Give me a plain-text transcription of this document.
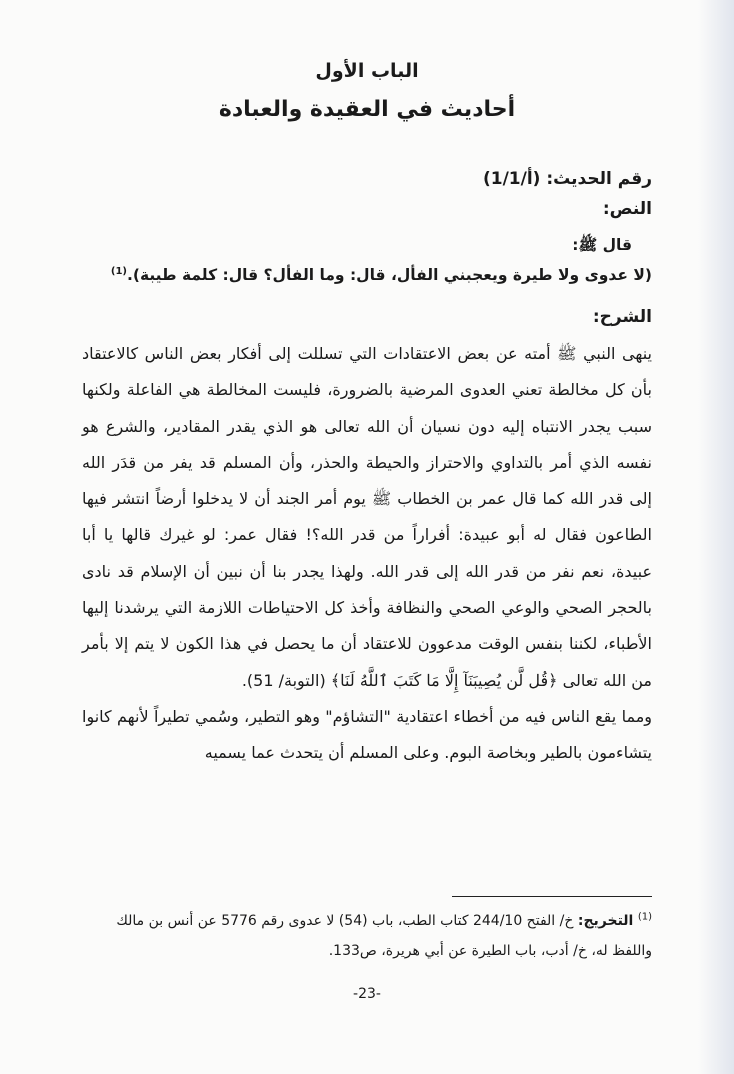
الباب الأول
أحاديث في العقيدة والعبادة

رقم الحديث: (أ/1/1)

النص:

قال ﷺ:

(لا عدوى ولا طيرة ويعجبني الفأل، قال: وما الفأل؟ قال: كلمة طيبة).$^{(1)}$

الشرح:

ينهى النبي ﷺ أمته عن بعض الاعتقادات التي تسللت إلى أفكار بعض الناس كالاعتقاد بأن كل مخالطة تعني العدوى المرضية بالضرورة، فليست المخالطة هي الفاعلة ولكنها سبب يجدر الانتباه إليه دون نسيان أن الله تعالى هو الذي يقدر المقادير، والشرع هو نفسه الذي أمر بالتداوي والاحتراز والحيطة والحذر، وأن المسلم قد يفر من قدَر الله إلى قدر الله كما قال عمر بن الخطاب ﷺ يوم أمر الجند أن لا يدخلوا أرضاً انتشر فيها الطاعون فقال له أبو عبيدة: أفراراً من قدر الله؟! فقال عمر: لو غيرك قالها يا أبا عبيدة، نعم نفر من قدر الله إلى قدر الله. ولهذا يجدر بنا أن نبين أن الإسلام قد نادى بالحجر الصحي والوعي الصحي والنظافة وأخذ كل الاحتياطات اللازمة التي يرشدنا إليها الأطباء، لكننا بنفس الوقت مدعوون للاعتقاد أن ما يحصل في هذا الكون لا يتم إلا بأمر من الله تعالى ﴿قُل لَّن يُصِيبَنَآ إِلَّا مَا كَتَبَ ٱللَّهُ لَنَا﴾ (التوبة/ 51).

ومما يقع الناس فيه من أخطاء اعتقادية "التشاؤم" وهو التطير، وسُمي تطيراً لأنهم كانوا يتشاءمون بالطير وبخاصة البوم. وعلى المسلم أن يتحدث عما يسميه

$^{(1)}$ التخريج: خ/ الفتح 244/10 كتاب الطب، باب (54) لا عدوى رقم 5776 عن أنس بن مالك واللفظ له، خ/ أدب، باب الطيرة عن أبي هريرة، ص133.
-23-
